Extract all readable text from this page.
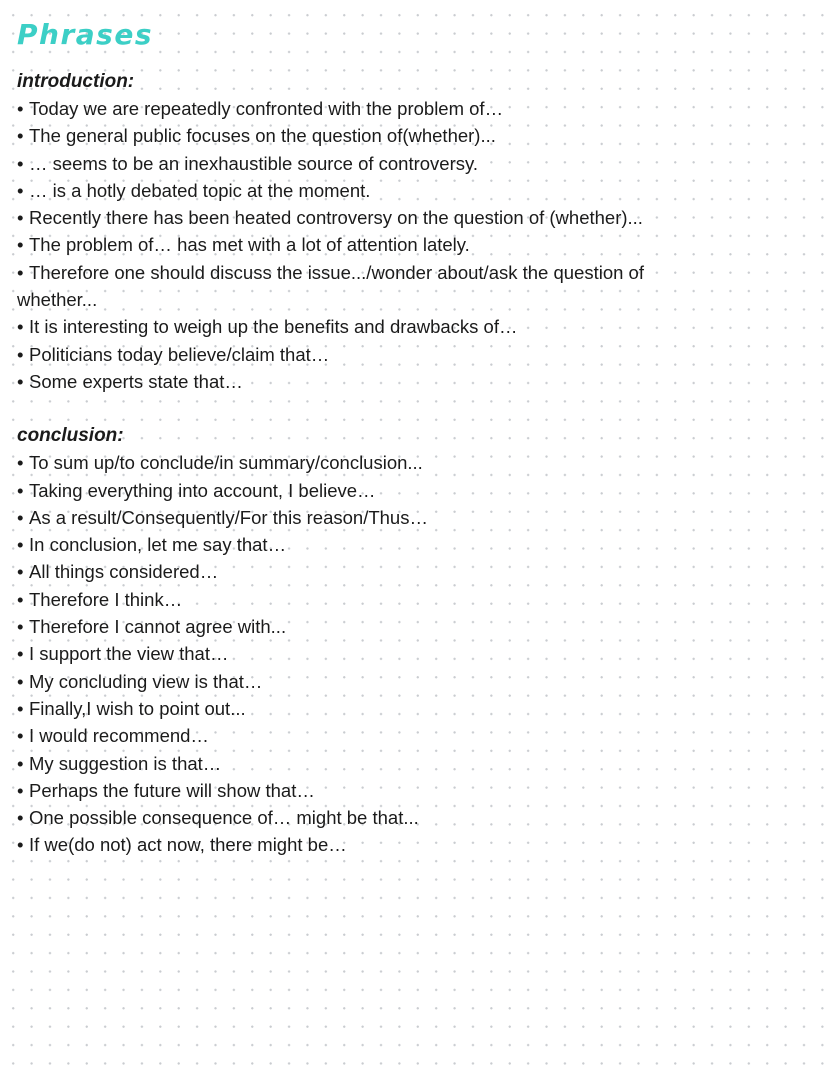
Phrases
introduction:
• Today we are repeatedly confronted with the problem of…
• The general public focuses on the question of(whether)...
• … seems to be an inexhaustible source of controversy.
• … is a hotly debated topic at the moment.
• Recently there has been heated controversy on the question of (whether)...
• The problem of… has met with a lot of attention lately.
• Therefore one should discuss the issue.../wonder about/ask the question of whether...
• It is interesting to weigh up the benefits and drawbacks of…
• Politicians today believe/claim that…
• Some experts state that…
conclusion:
• To sum up/to conclude/in summary/conclusion...
• Taking everything into account, I believe…
• As a result/Consequently/For this reason/Thus…
• In conclusion, let me say that…
• All things considered…
• Therefore I think…
• Therefore I cannot agree with...
• I support the view that…
• My concluding view is that…
• Finally,I wish to point out...
• I would recommend…
• My suggestion is that…
• Perhaps the future will show that…
• One possible consequence of… might be that...
• If we(do not) act now, there might be…
